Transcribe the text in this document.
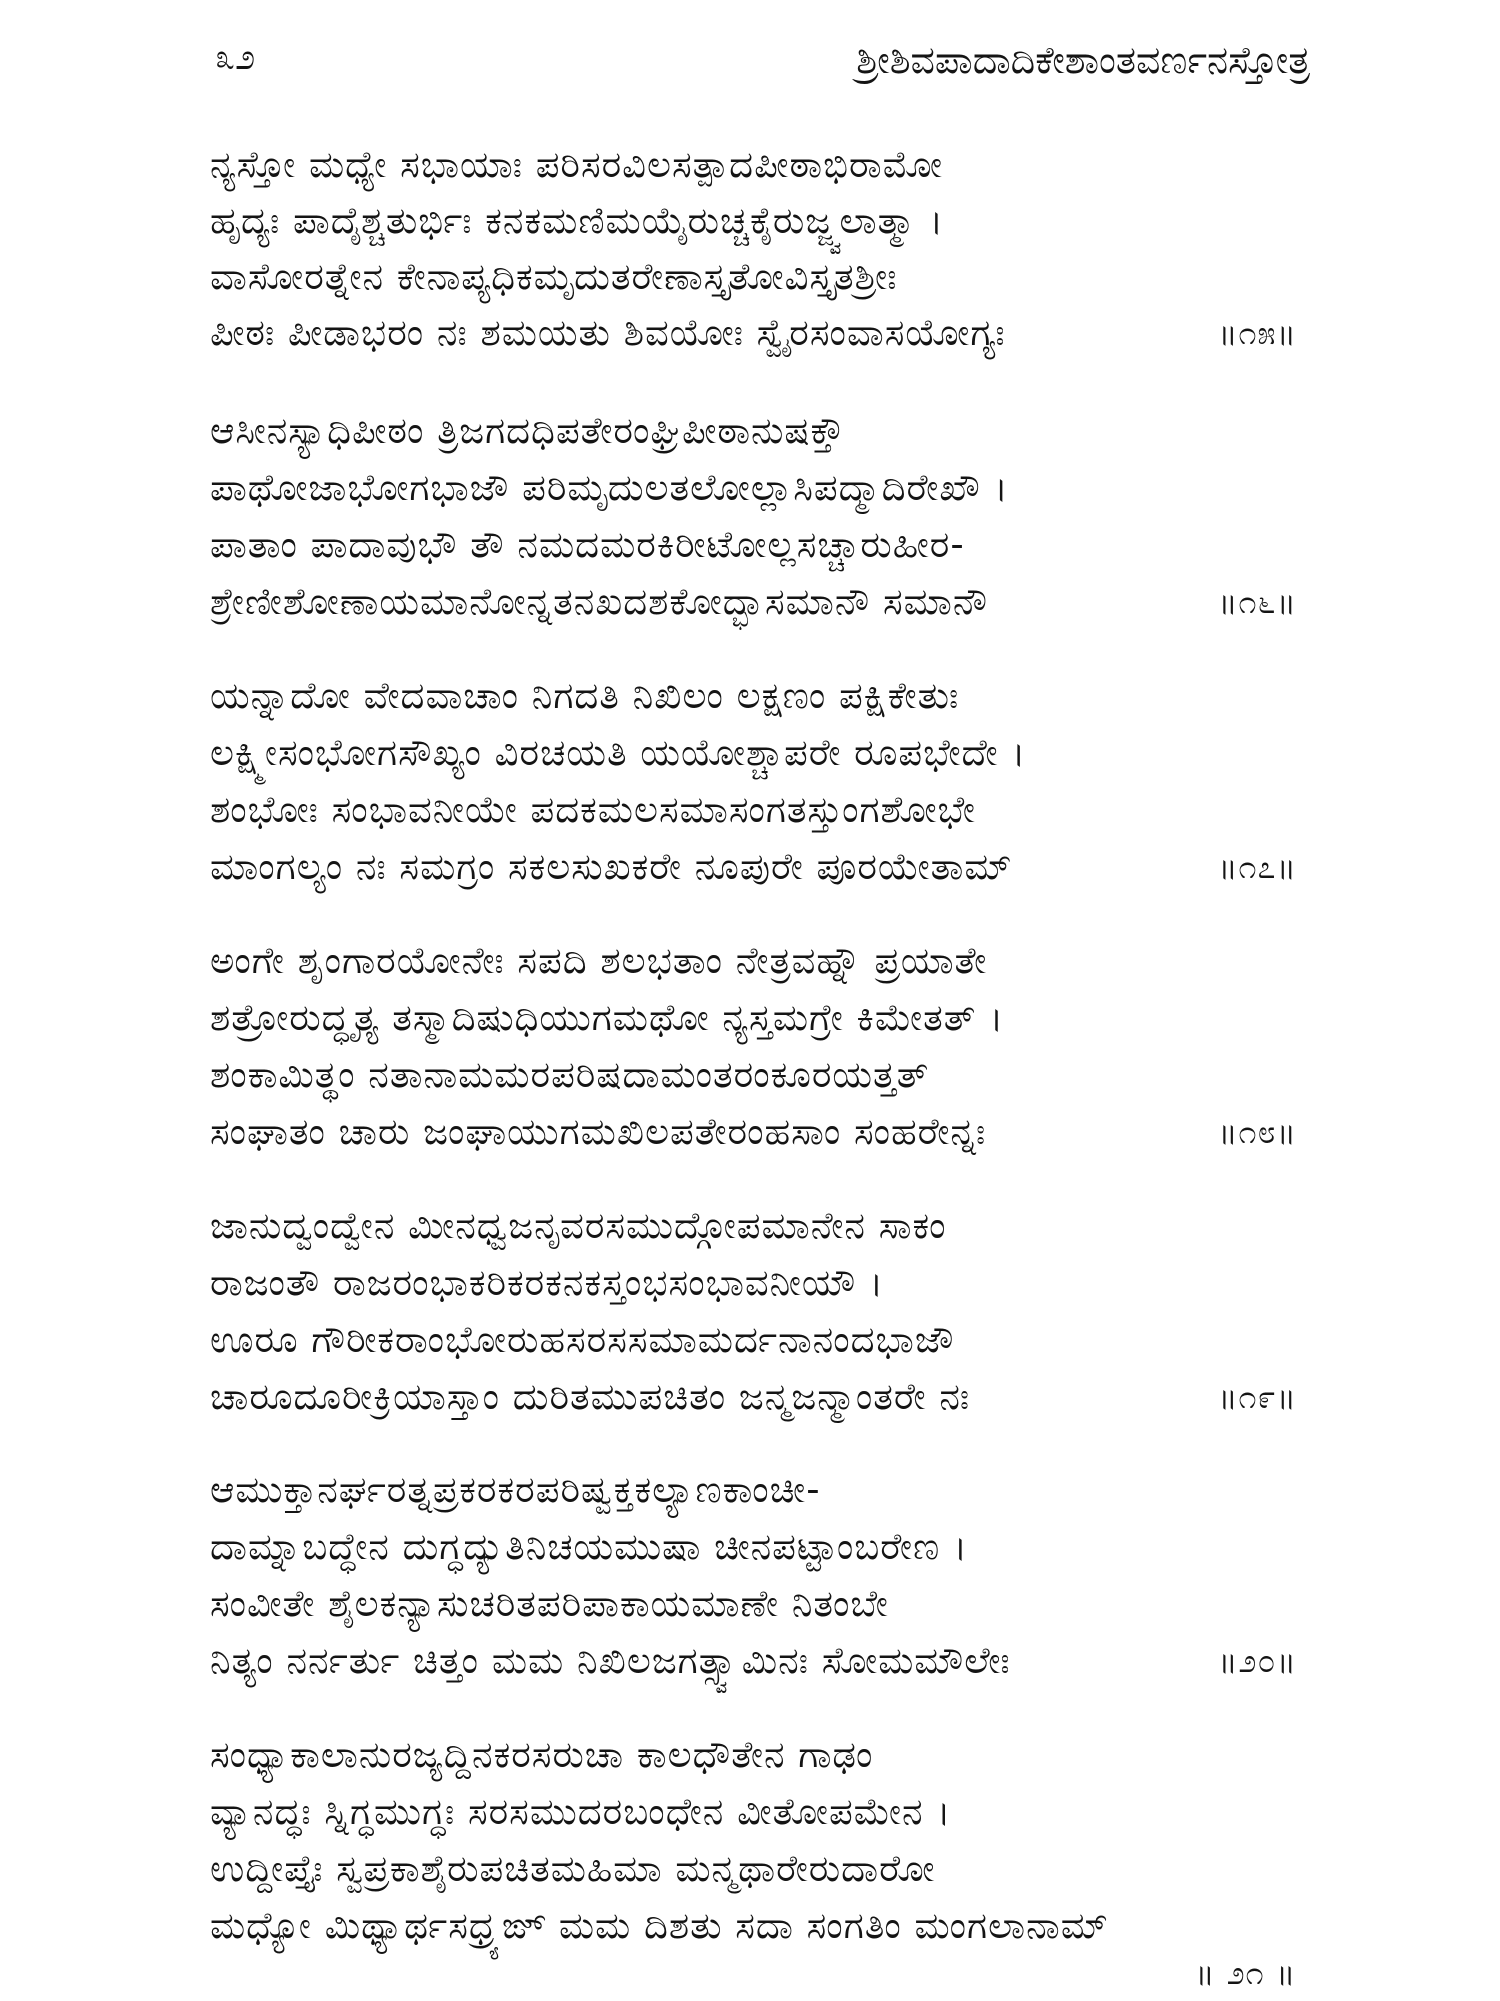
೩೨	ಶ್ರೀಶಿವಪಾದಾದಿಕೇಶಾಂತವರ್ಣನಸ್ತೋತ್ರ
ನ್ಯಸ್ತೋ ಮಧ್ಯೇ ಸಭಾಯಾಃ ಪರಿಸರವಿಲಸತ್ಪಾದಪೀಠಾಭಿರಾಮೋ
ಹೃದ್ಯಃ ಪಾದೈಶ್ಚತುರ್ಭಿಃ ಕನಕಮಣಿಮಯೈರುಚ್ಚಕೈರುಜ್ಜ್ವಲಾತ್ಮಾ ।
ವಾಸೋರತ್ನೇನ ಕೇನಾಪ್ಯಧಿಕಮೃದುತರೇಣಾಸ್ತೃತೋವಿಸ್ತೃತಶ್ರೀಃ
ಪೀಠಃ ಪೀಡಾಭರಂ ನಃ ಶಮಯತು ಶಿವಯೋಃ ಸ್ವೈರಸಂವಾಸಯೋಗ್ಯಃ	॥೧೫॥
ಆಸೀನಸ್ಯಾಧಿಪೀಠಂ ತ್ರಿಜಗದಧಿಪತೇರಂಘ್ರಿಪೀಠಾನುಷಕ್ತೌ
ಪಾಥೋಜಾಭೋಗಭಾಜೌ ಪರಿಮೃದುಲತಲೋಲ್ಲಾಸಿಪದ್ಮಾದಿರೇಖೌ ।
ಪಾತಾಂ ಪಾದಾವುಭೌ ತೌ ನಮದಮರಕಿರೀಟೋಲ್ಲಸಚ್ಚಾರುಹೀರ-
ಶ್ರೇಣೀಶೋಣಾಯಮಾನೋನ್ನತನಖದಶಕೋದ್ಭಾಸಮಾನೌ ಸಮಾನೌ	॥೧೬॥
ಯನ್ನಾದೋ ವೇದವಾಚಾಂ ನಿಗದತಿ ನಿಖಿಲಂ ಲಕ್ಷಣಂ ಪಕ್ಷಿಕೇತುಃ
ಲಕ್ಷ್ಮೀಸಂಭೋಗಸೌಖ್ಯಂ ವಿರಚಯತಿ ಯಯೋಶ್ಚಾಪರೇ ರೂಪಭೇದೇ ।
ಶಂಭೋಃ ಸಂಭಾವನೀಯೇ ಪದಕಮಲಸಮಾಸಂಗತಸ್ತುಂಗಶೋಭೇ
ಮಾಂಗಲ್ಯಂ ನಃ ಸಮಗ್ರಂ ಸಕಲಸುಖಕರೇ ನೂಪುರೇ ಪೂರಯೇತಾಮ್	॥೧೭॥
ಅಂಗೇ ಶೃಂಗಾರಯೋನೇಃ ಸಪದಿ ಶಲಭತಾಂ ನೇತ್ರವಹ್ನೌ ಪ್ರಯಾತೇ
ಶತ್ರೋರುದ್ಧೃತ್ಯ ತಸ್ಮಾದಿಷುಧಿಯುಗಮಥೋ ನ್ಯಸ್ತಮಗ್ರೇ ಕಿಮೇತತ್ ।
ಶಂಕಾಮಿತ್ಥಂ ನತಾನಾಮಮರಪರಿಷದಾಮಂತರಂಕೂರಯತ್ತತ್
ಸಂಘಾತಂ ಚಾರು ಜಂಘಾಯುಗಮಖಿಲಪತೇರಂಹಸಾಂ ಸಂಹರೇನ್ನಃ	॥೧೮॥
ಜಾನುದ್ವಂದ್ವೇನ ಮೀನಧ್ವಜನೃವರಸಮುದ್ಗೋಪಮಾನೇನ ಸಾಕಂ
ರಾಜಂತೌ ರಾಜರಂಭಾಕರಿಕರಕನಕಸ್ತಂಭಸಂಭಾವನೀಯೌ ।
ಊರೂ ಗೌರೀಕರಾಂಭೋರುಹಸರಸಸಮಾಮರ್ದನಾನಂದಭಾಜೌ
ಚಾರೂದೂರೀಕ್ರಿಯಾಸ್ತಾಂ ದುರಿತಮುಪಚಿತಂ ಜನ್ಮಜನ್ಮಾಂತರೇ ನಃ	॥೧೯॥
ಆಮುಕ್ತಾನರ್ಘರತ್ನಪ್ರಕರಕರಪರಿಷ್ವಕ್ತಕಲ್ಯಾಣಕಾಂಚೀ-
ದಾಮ್ನಾಬದ್ಧೇನ ದುಗ್ಧದ್ಯುತಿನಿಚಯಮುಷಾ ಚೀನಪಟ್ಟಾಂಬರೇಣ ।
ಸಂವೀತೇ ಶೈಲಕನ್ಯಾಸುಚರಿತಪರಿಪಾಕಾಯಮಾಣೇ ನಿತಂಬೇ
ನಿತ್ಯಂ ನರ್ನರ್ತು ಚಿತ್ತಂ ಮಮ ನಿಖಿಲಜಗತ್ಸ್ವಾಮಿನಃ ಸೋಮಮೌಲೇಃ	॥೨೦॥
ಸಂಧ್ಯಾಕಾಲಾನುರಜ್ಯದ್ದಿನಕರಸರುಚಾ ಕಾಲಧೌತೇನ ಗಾಢಂ
ವ್ಯಾನದ್ಧಃ ಸ್ನಿಗ್ಧಮುಗ್ಧಃ ಸರಸಮುದರಬಂಧೇನ ವೀತೋಪಮೇನ ।
ಉದ್ದೀಪ್ತೈಃ ಸ್ವಪ್ರಕಾಶೈರುಪಚಿತಮಹಿಮಾ ಮನ್ಮಥಾರೇರುದಾರೋ
ಮಧ್ಯೋ ಮಿಥ್ಯಾರ್ಥಸಧ್ರ್ಯಙ್ ಮಮ ದಿಶತು ಸದಾ ಸಂಗತಿಂ ಮಂಗಲಾನಾಮ್
॥ ೨೧ ॥
